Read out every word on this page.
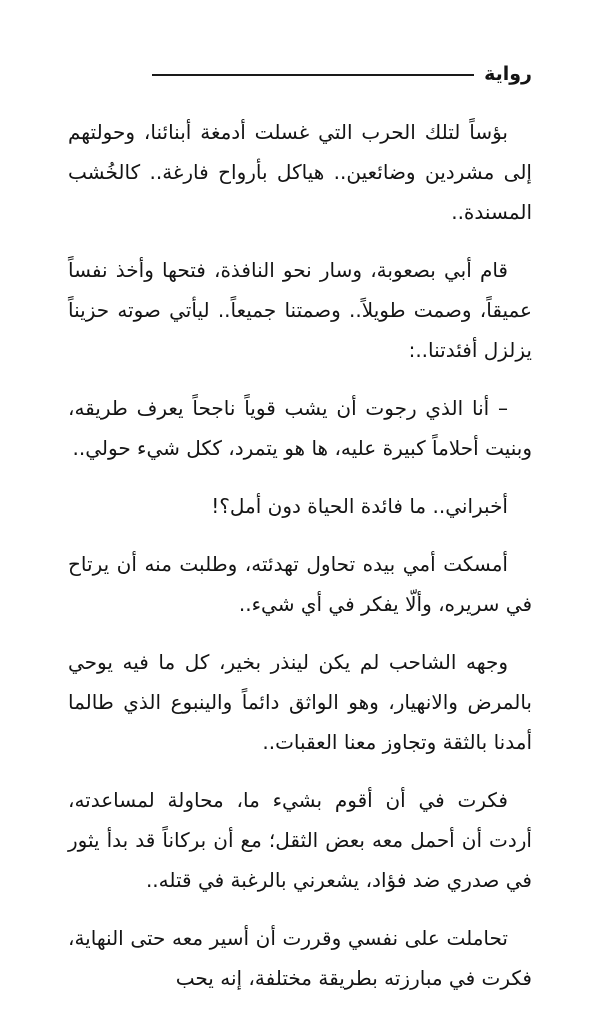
رواية

بؤساً لتلك الحرب التي غسلت أدمغة أبنائنا، وحولتهم إلى مشردين وضائعين.. هياكل بأرواح فارغة.. كالخُشب المسندة..

قام أبي بصعوبة، وسار نحو النافذة، فتحها وأخذ نفساً عميقاً، وصمت طويلاً.. وصمتنا جميعاً.. ليأتي صوته حزيناً يزلزل أفئدتنا..:

– أنا الذي رجوت أن يشب قوياً ناجحاً يعرف طريقه، وبنيت أحلاماً كبيرة عليه، ها هو يتمرد، ككل شيء حولي..

أخبراني.. ما فائدة الحياة دون أمل؟!

أمسكت أمي بيده تحاول تهدئته، وطلبت منه أن يرتاح في سريره، وألّا يفكر في أي شيء..

وجهه الشاحب لم يكن لينذر بخير، كل ما فيه يوحي بالمرض والانهيار، وهو الواثق دائماً والينبوع الذي طالما أمدنا بالثقة وتجاوز معنا العقبات..

فكرت في أن أقوم بشيء ما، محاولة لمساعدته، أردت أن أحمل معه بعض الثقل؛ مع أن بركاناً قد بدأ يثور في صدري ضد فؤاد، يشعرني بالرغبة في قتله..

تحاملت على نفسي وقررت أن أسير معه حتى النهاية، فكرت في مبارزته بطريقة مختلفة، إنه يحب
